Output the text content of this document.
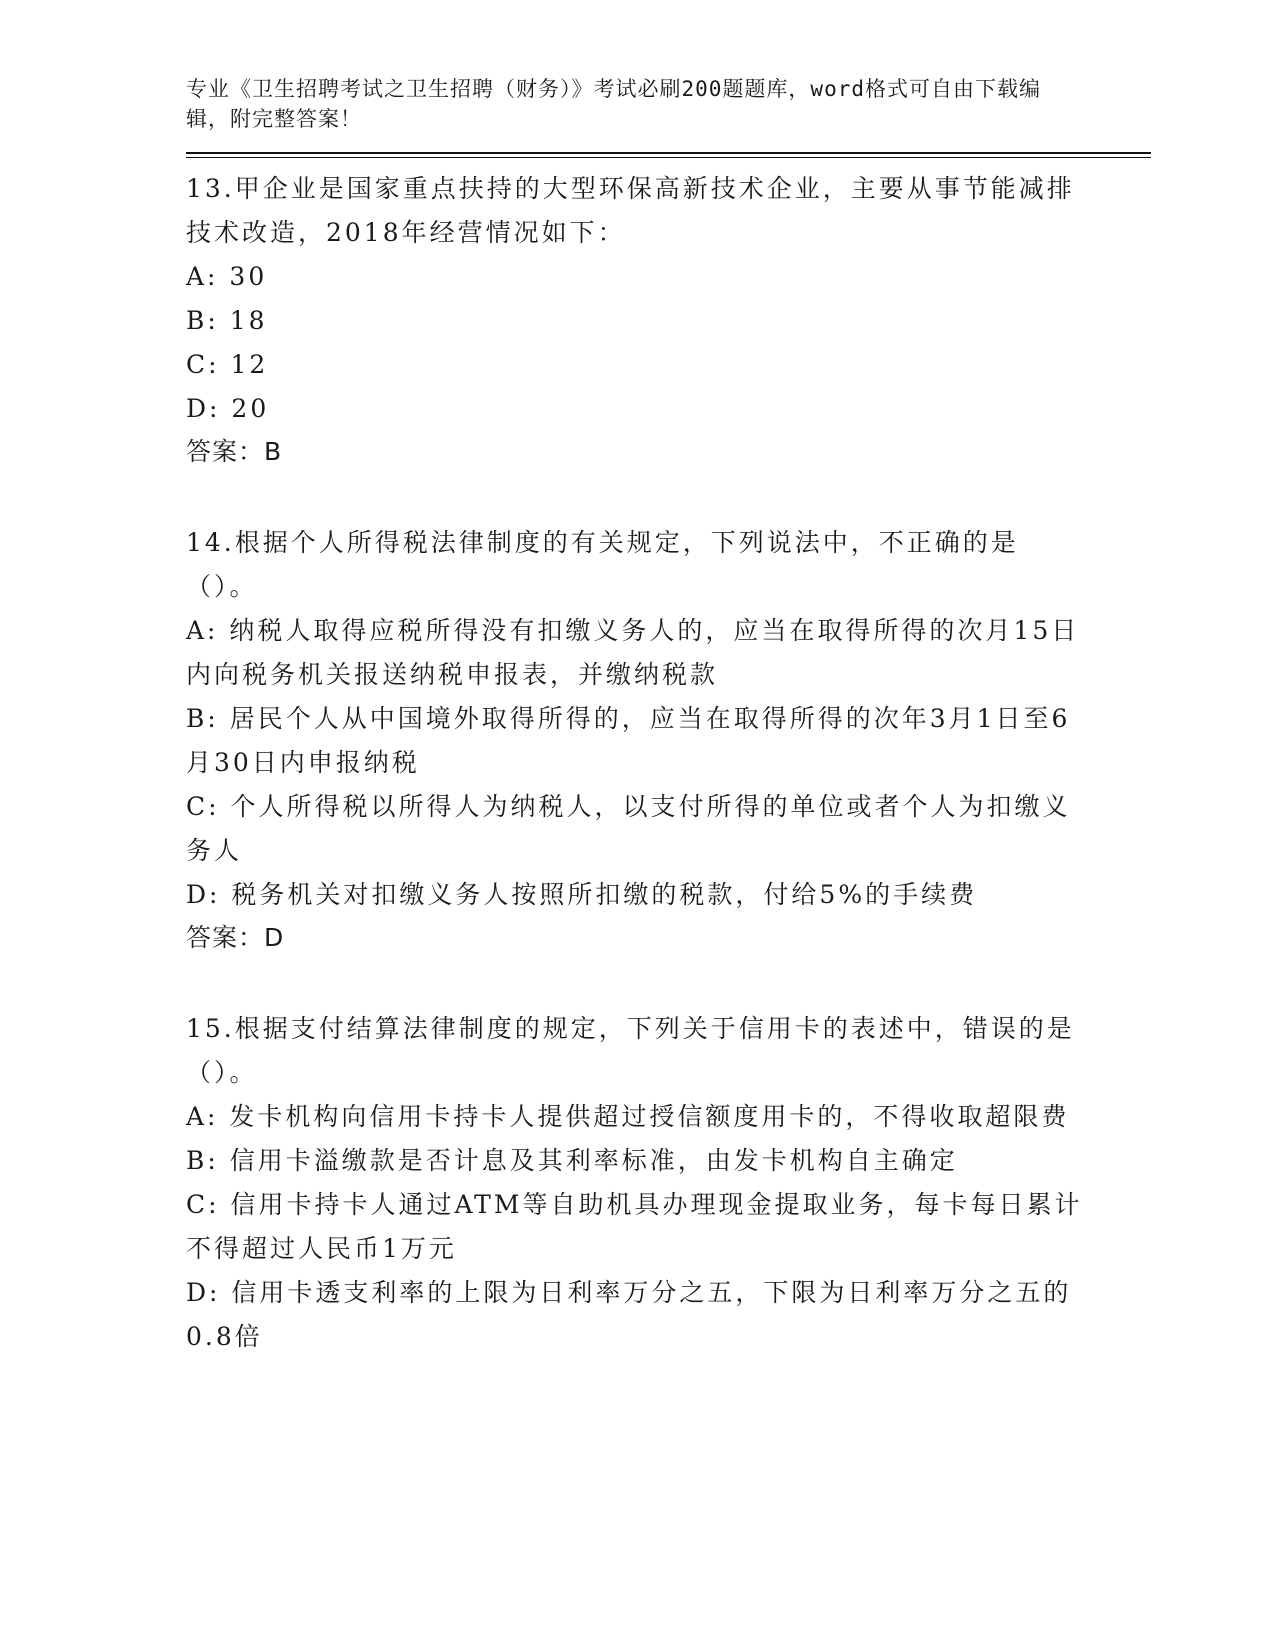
专业《卫生招聘考试之卫生招聘（财务）》考试必刷200题题库，word格式可自由下载编辑，附完整答案！

13.甲企业是国家重点扶持的大型环保高新技术企业，主要从事节能减排技术改造，2018年经营情况如下：

A: 30

B: 18

C: 12

D: 20

答案：B

14.根据个人所得税法律制度的有关规定，下列说法中，不正确的是（）。

A: 纳税人取得应税所得没有扣缴义务人的，应当在取得所得的次月15日内向税务机关报送纳税申报表，并缴纳税款

B: 居民个人从中国境外取得所得的，应当在取得所得的次年3月1日至6月30日内申报纳税

C: 个人所得税以所得人为纳税人，以支付所得的单位或者个人为扣缴义务人

D: 税务机关对扣缴义务人按照所扣缴的税款，付给5%的手续费

答案：D

15.根据支付结算法律制度的规定，下列关于信用卡的表述中，错误的是（）。

A: 发卡机构向信用卡持卡人提供超过授信额度用卡的，不得收取超限费

B: 信用卡溢缴款是否计息及其利率标准，由发卡机构自主确定

C: 信用卡持卡人通过ATM等自助机具办理现金提取业务，每卡每日累计不得超过人民币1万元

D: 信用卡透支利率的上限为日利率万分之五，下限为日利率万分之五的0.8倍
